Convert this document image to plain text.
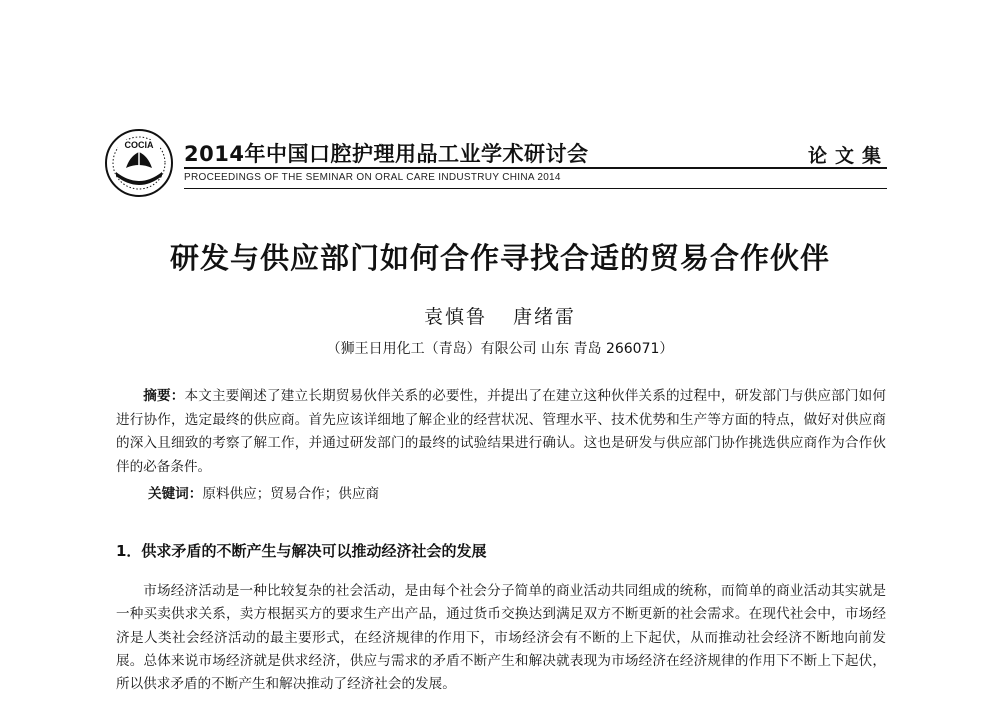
COCIA 2014年中国口腔护理用品工业学术研讨会
PROCEEDINGS OF THE SEMINAR ON ORAL CARE INDUSTRUY CHINA 2014
论文集
研发与供应部门如何合作寻找合适的贸易合作伙伴
袁慎鲁 唐绪雷
（狮王日用化工（青岛）有限公司 山东 青岛 266071）
摘要：本文主要阐述了建立长期贸易伙伴关系的必要性，并提出了在建立这种伙伴关系的过程中，研发部门与供应部门如何进行协作，选定最终的供应商。首先应该详细地了解企业的经营状况、管理水平、技术优势和生产等方面的特点，做好对供应商的深入且细致的考察了解工作，并通过研发部门的最终的试验结果进行确认。这也是研发与供应部门协作挑选供应商作为合作伙伴的必备条件。
关键词：原料供应；贸易合作；供应商
1．供求矛盾的不断产生与解决可以推动经济社会的发展
市场经济活动是一种比较复杂的社会活动，是由每个社会分子简单的商业活动共同组成的统称，而简单的商业活动其实就是一种买卖供求关系，卖方根据买方的要求生产出产品，通过货币交换达到满足双方不断更新的社会需求。在现代社会中，市场经济是人类社会经济活动的最主要形式，在经济规律的作用下，市场经济会有不断的上下起伏，从而推动社会经济不断地向前发展。总体来说市场经济就是供求经济，供应与需求的矛盾不断产生和解决就表现为市场经济在经济规律的作用下不断上下起伏，所以供求矛盾的不断产生和解决推动了经济社会的发展。
